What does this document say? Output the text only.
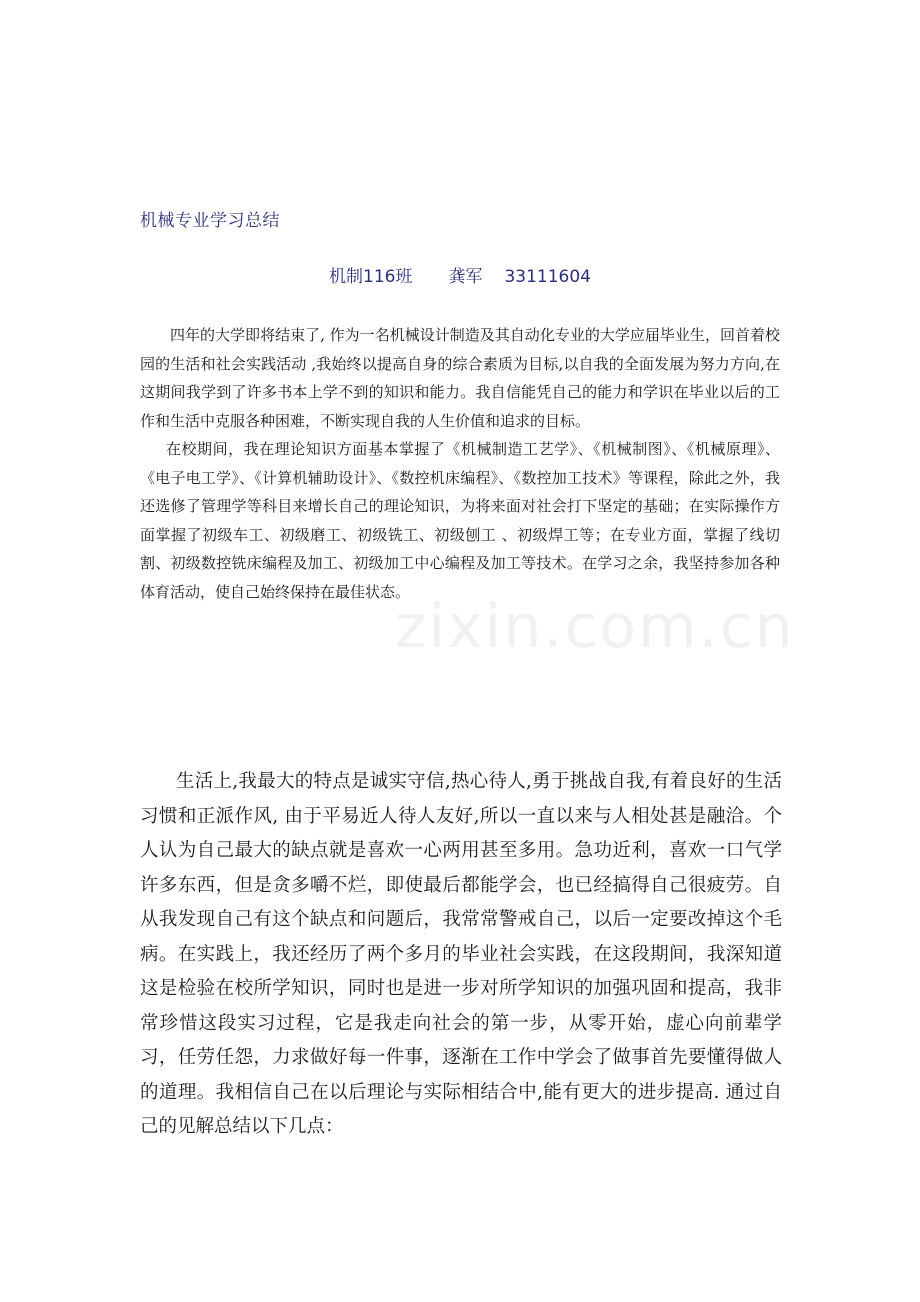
机械专业学习总结
机制116班 龚军 33111604

四年的大学即将结束了, 作为一名机械设计制造及其自动化专业的大学应届毕业生，回首着校园的生活和社会实践活动 ,我始终以提高自身的综合素质为目标,以自我的全面发展为努力方向,在这期间我学到了许多书本上学不到的知识和能力。我自信能凭自己的能力和学识在毕业以后的工作和生活中克服各种困难，不断实现自我的人生价值和追求的目标。

在校期间，我在理论知识方面基本掌握了《机械制造工艺学》、《机械制图》、《机械原理》、《电子电工学》、《计算机辅助设计》、《数控机床编程》、《数控加工技术》等课程，除此之外，我还选修了管理学等科目来增长自己的理论知识，为将来面对社会打下坚定的基础；在实际操作方面掌握了初级车工、初级磨工、初级铣工、初级刨工 、初级焊工等；在专业方面，掌握了线切割、初级数控铣床编程及加工、初级加工中心编程及加工等技术。在学习之余，我坚持参加各种体育活动，使自己始终保持在最佳状态。

zixin.com.cn

生活上,我最大的特点是诚实守信,热心待人,勇于挑战自我,有着良好的生活习惯和正派作风, 由于平易近人待人友好,所以一直以来与人相处甚是融洽。个人认为自己最大的缺点就是喜欢一心两用甚至多用。急功近利，喜欢一口气学许多东西，但是贪多嚼不烂，即使最后都能学会，也已经搞得自己很疲劳。自从我发现自己有这个缺点和问题后，我常常警戒自己，以后一定要改掉这个毛病。在实践上，我还经历了两个多月的毕业社会实践，在这段期间，我深知道这是检验在校所学知识，同时也是进一步对所学知识的加强巩固和提高，我非常珍惜这段实习过程，它是我走向社会的第一步，从零开始，虚心向前辈学习，任劳任怨，力求做好每一件事，逐渐在工作中学会了做事首先要懂得做人的道理。我相信自己在以后理论与实际相结合中,能有更大的进步提高. 通过自己的见解总结以下几点：
